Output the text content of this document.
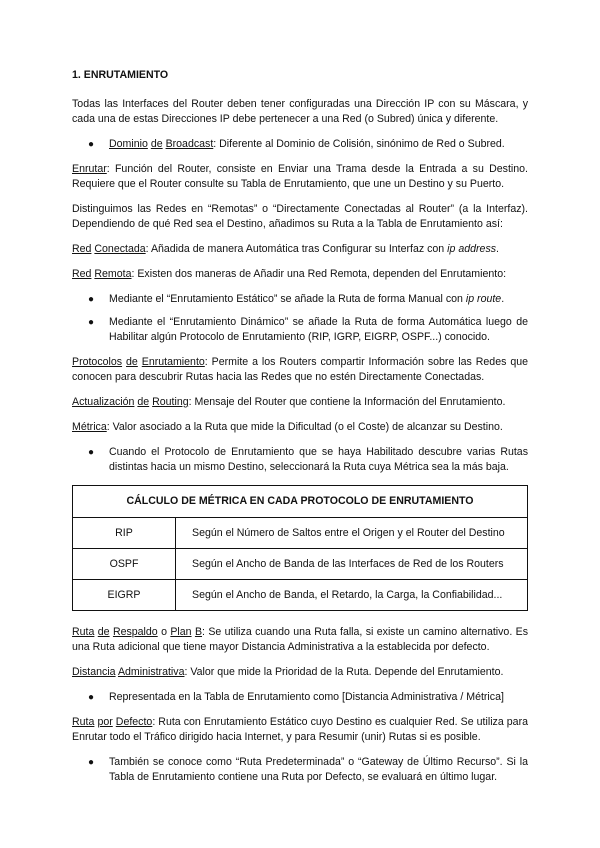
1. ENRUTAMIENTO

Todas las Interfaces del Router deben tener configuradas una Dirección IP con su Máscara, y cada una de estas Direcciones IP debe pertenecer a una Red (o Subred) única y diferente.

● Dominio de Broadcast: Diferente al Dominio de Colisión, sinónimo de Red o Subred.

Enrutar: Función del Router, consiste en Enviar una Trama desde la Entrada a su Destino. Requiere que el Router consulte su Tabla de Enrutamiento, que une un Destino y su Puerto.

Distinguimos las Redes en “Remotas” o “Directamente Conectadas al Router” (a la Interfaz). Dependiendo de qué Red sea el Destino, añadimos su Ruta a la Tabla de Enrutamiento así:

Red Conectada: Añadida de manera Automática tras Configurar su Interfaz con ip address.

Red Remota: Existen dos maneras de Añadir una Red Remota, dependen del Enrutamiento:

● Mediante el “Enrutamiento Estático” se añade la Ruta de forma Manual con ip route.
● Mediante el “Enrutamiento Dinámico” se añade la Ruta de forma Automática luego de Habilitar algún Protocolo de Enrutamiento (RIP, IGRP, EIGRP, OSPF...) conocido.

Protocolos de Enrutamiento: Permite a los Routers compartir Información sobre las Redes que conocen para descubrir Rutas hacia las Redes que no estén Directamente Conectadas.

Actualización de Routing: Mensaje del Router que contiene la Información del Enrutamiento.

Métrica: Valor asociado a la Ruta que mide la Dificultad (o el Coste) de alcanzar su Destino.

● Cuando el Protocolo de Enrutamiento que se haya Habilitado descubre varias Rutas distintas hacia un mismo Destino, seleccionará la Ruta cuya Métrica sea la más baja.
CÁLCULO DE MÉTRICA EN CADA PROTOCOLO DE ENRUTAMIENTO	
RIP	Según el Número de Saltos entre el Origen y el Router del Destino
OSPF	Según el Ancho de Banda de las Interfaces de Red de los Routers
EIGRP	Según el Ancho de Banda, el Retardo, la Carga, la Confiabilidad...

Ruta de Respaldo o Plan B: Se utiliza cuando una Ruta falla, si existe un camino alternativo. Es una Ruta adicional que tiene mayor Distancia Administrativa a la establecida por defecto.

Distancia Administrativa: Valor que mide la Prioridad de la Ruta. Depende del Enrutamiento.

● Representada en la Tabla de Enrutamiento como [Distancia Administrativa / Métrica]

Ruta por Defecto: Ruta con Enrutamiento Estático cuyo Destino es cualquier Red. Se utiliza para Enrutar todo el Tráfico dirigido hacia Internet, y para Resumir (unir) Rutas si es posible.

● También se conoce como “Ruta Predeterminada” o “Gateway de Último Recurso”. Si la Tabla de Enrutamiento contiene una Ruta por Defecto, se evaluará en último lugar.
